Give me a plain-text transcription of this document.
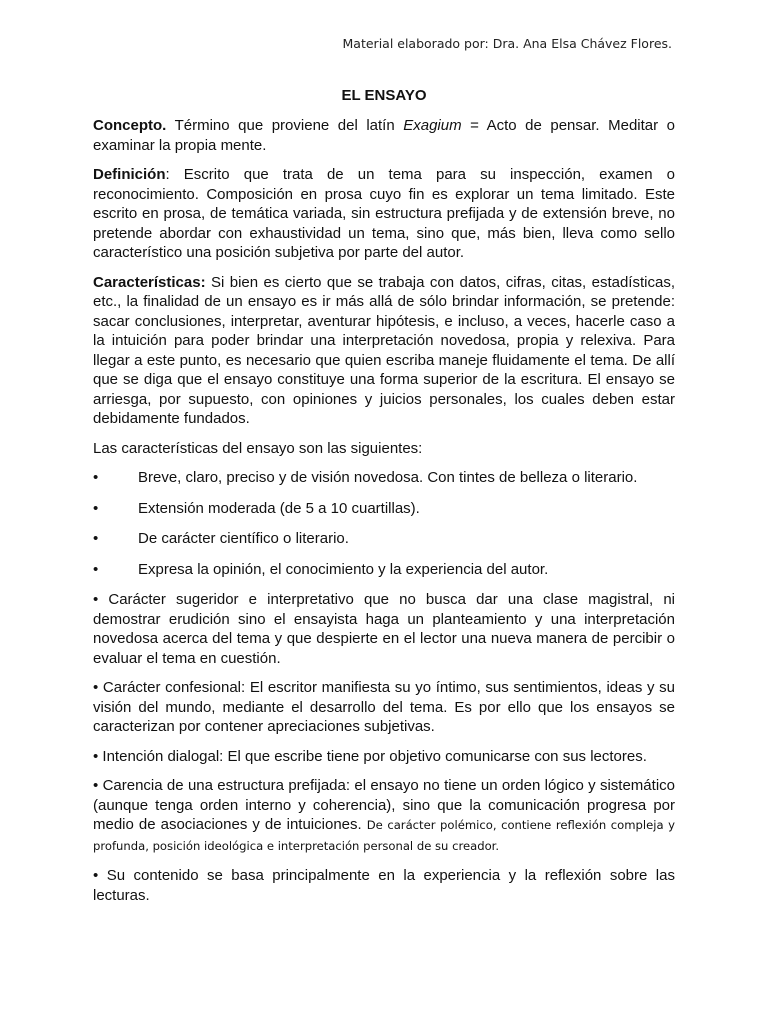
Material elaborado por: Dra. Ana Elsa Chávez Flores.
EL ENSAYO

Concepto. Término que proviene del latín Exagium = Acto de pensar. Meditar o examinar la propia mente.

Definición: Escrito que trata de un tema para su inspección, examen o reconocimiento. Composición en prosa cuyo fin es explorar un tema limitado. Este escrito en prosa, de temática variada, sin estructura prefijada y de extensión breve, no pretende abordar con exhaustividad un tema, sino que, más bien, lleva como sello característico una posición subjetiva por parte del autor.

Características: Si bien es cierto que se trabaja con datos, cifras, citas, estadísticas, etc., la finalidad de un ensayo es ir más allá de sólo brindar información, se pretende: sacar conclusiones, interpretar, aventurar hipótesis, e incluso, a veces, hacerle caso a la intuición para poder brindar una interpretación novedosa, propia y relexiva. Para llegar a este punto, es necesario que quien escriba maneje fluidamente el tema. De allí que se diga que el ensayo constituye una forma superior de la escritura. El ensayo se arriesga, por supuesto, con opiniones y juicios personales, los cuales deben estar debidamente fundados.

Las características del ensayo son las siguientes:

•	Breve, claro, preciso y de visión novedosa. Con tintes de belleza o literario.
•	Extensión moderada (de 5 a 10 cuartillas).
•	De carácter científico o literario.
•	Expresa la opinión, el conocimiento y la experiencia del autor.

• Carácter sugeridor e interpretativo que no busca dar una clase magistral, ni demostrar erudición sino el ensayista haga un planteamiento y una interpretación novedosa acerca del tema y que despierte en el lector una nueva manera de percibir o evaluar el tema en cuestión.

• Carácter confesional: El escritor manifiesta su yo íntimo, sus sentimientos, ideas y su visión del mundo, mediante el desarrollo del tema. Es por ello que los ensayos se caracterizan por contener apreciaciones subjetivas.

• Intención dialogal: El que escribe tiene por objetivo comunicarse con sus lectores.

• Carencia de una estructura prefijada: el ensayo no tiene un orden lógico y sistemático (aunque tenga orden interno y coherencia), sino que la comunicación progresa por medio de asociaciones y de intuiciones. De carácter polémico, contiene reflexión compleja y profunda, posición ideológica e interpretación personal de su creador.

• Su contenido se basa principalmente en la experiencia y la reflexión sobre las lecturas.
